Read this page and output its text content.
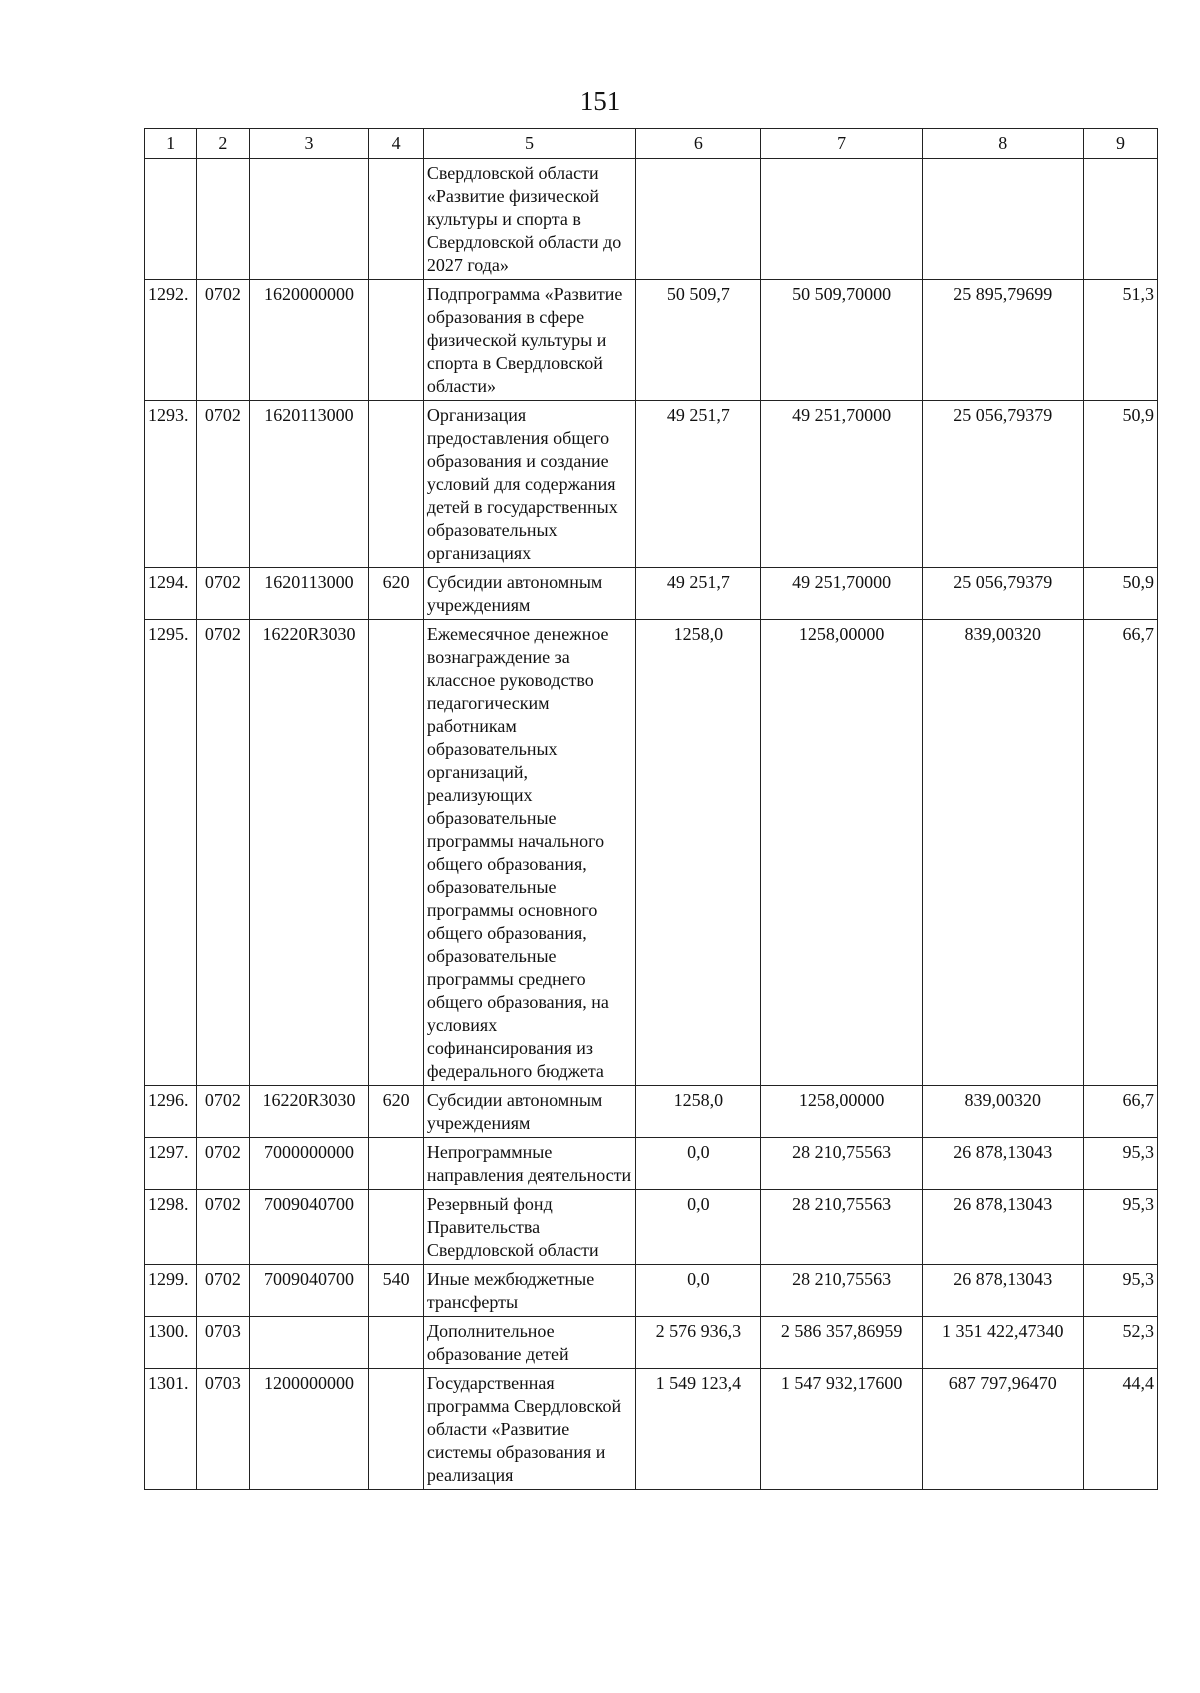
151
1	2	3	4	5	6	7	8	9
				Свердловской области «Развитие физической культуры и спорта в Свердловской области до 2027 года»				
1292.	0702	1620000000		Подпрограмма «Развитие образования в сфере физической культуры и спорта в Свердловской области»	50 509,7	50 509,70000	25 895,79699	51,3
1293.	0702	1620113000		Организация предоставления общего образования и создание условий для содержания детей в государственных образовательных организациях	49 251,7	49 251,70000	25 056,79379	50,9
1294.	0702	1620113000	620	Субсидии автономным учреждениям	49 251,7	49 251,70000	25 056,79379	50,9
1295.	0702	16220R3030		Ежемесячное денежное вознаграждение за классное руководство педагогическим работникам образовательных организаций, реализующих образовательные программы начального общего образования, образовательные программы основного общего образования, образовательные программы среднего общего образования, на условиях софинансирования из федерального бюджета	1258,0	1258,00000	839,00320	66,7
1296.	0702	16220R3030	620	Субсидии автономным учреждениям	1258,0	1258,00000	839,00320	66,7
1297.	0702	7000000000		Непрограммные направления деятельности	0,0	28 210,75563	26 878,13043	95,3
1298.	0702	7009040700		Резервный фонд Правительства Свердловской области	0,0	28 210,75563	26 878,13043	95,3
1299.	0702	7009040700	540	Иные межбюджетные трансферты	0,0	28 210,75563	26 878,13043	95,3
1300.	0703			Дополнительное образование детей	2 576 936,3	2 586 357,86959	1 351 422,47340	52,3
1301.	0703	1200000000		Государственная программа Свердловской области «Развитие системы образования и реализация	1 549 123,4	1 547 932,17600	687 797,96470	44,4
